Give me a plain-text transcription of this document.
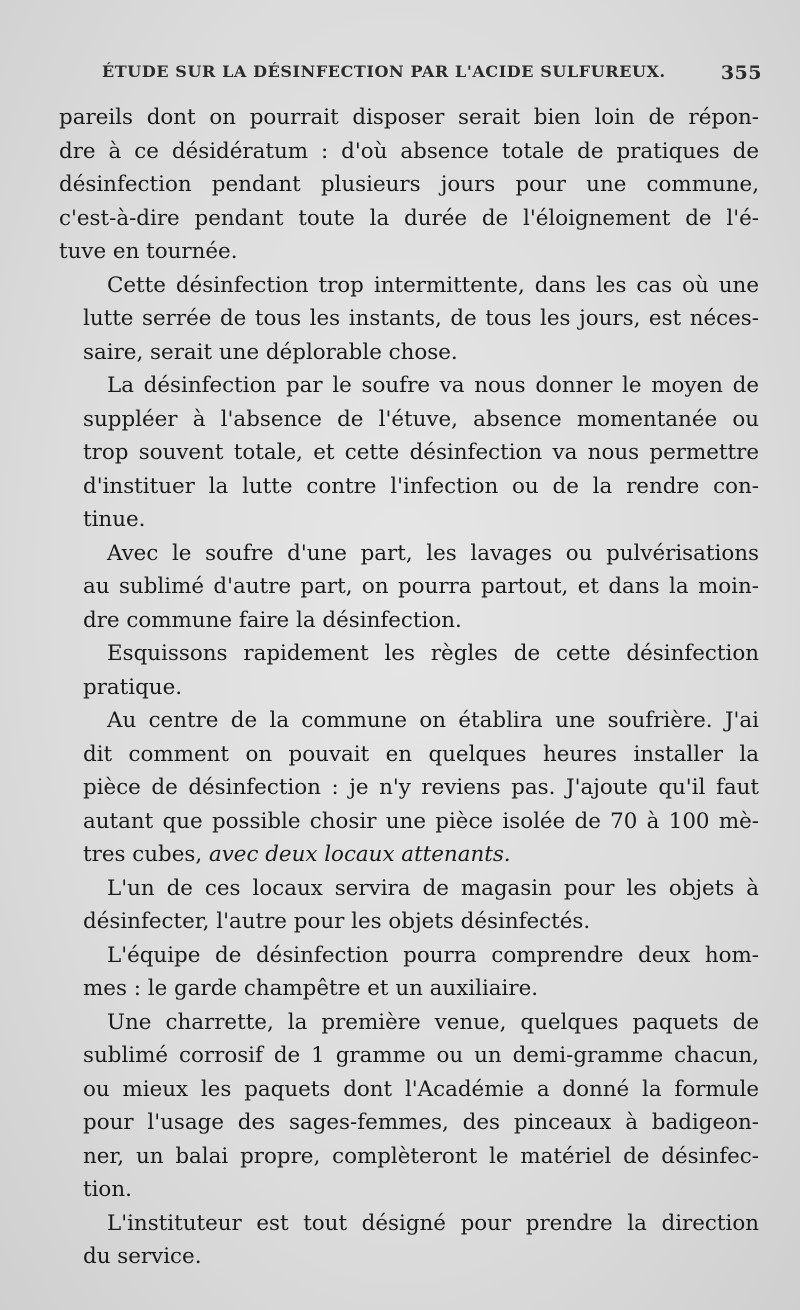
ÉTUDE SUR LA DÉSINFECTION PAR L'ACIDE SULFUREUX.	355
pareils dont on pourrait disposer serait bien loin de répon-
dre à ce désidératum : d'où absence totale de pratiques de
désinfection pendant plusieurs jours pour une commune,
c'est-à-dire pendant toute la durée de l'éloignement de l'é-
tuve en tournée.
Cette désinfection trop intermittente, dans les cas où une
lutte serrée de tous les instants, de tous les jours, est néces-
saire, serait une déplorable chose.
La désinfection par le soufre va nous donner le moyen de
suppléer à l'absence de l'étuve, absence momentanée ou
trop souvent totale, et cette désinfection va nous permettre
d'instituer la lutte contre l'infection ou de la rendre con-
tinue.
Avec le soufre d'une part, les lavages ou pulvérisations
au sublimé d'autre part, on pourra partout, et dans la moin-
dre commune faire la désinfection.
Esquissons rapidement les règles de cette désinfection
pratique.
Au centre de la commune on établira une soufrière. J'ai
dit comment on pouvait en quelques heures installer la
pièce de désinfection : je n'y reviens pas. J'ajoute qu'il faut
autant que possible chosir une pièce isolée de 70 à 100 mè-
tres cubes, avec deux locaux attenants.
L'un de ces locaux servira de magasin pour les objets à
désinfecter, l'autre pour les objets désinfectés.
L'équipe de désinfection pourra comprendre deux hom-
mes : le garde champêtre et un auxiliaire.
Une charrette, la première venue, quelques paquets de
sublimé corrosif de 1 gramme ou un demi-gramme chacun,
ou mieux les paquets dont l'Académie a donné la formule
pour l'usage des sages-femmes, des pinceaux à badigeon-
ner, un balai propre, complèteront le matériel de désinfec-
tion.
L'instituteur est tout désigné pour prendre la direction
du service.
